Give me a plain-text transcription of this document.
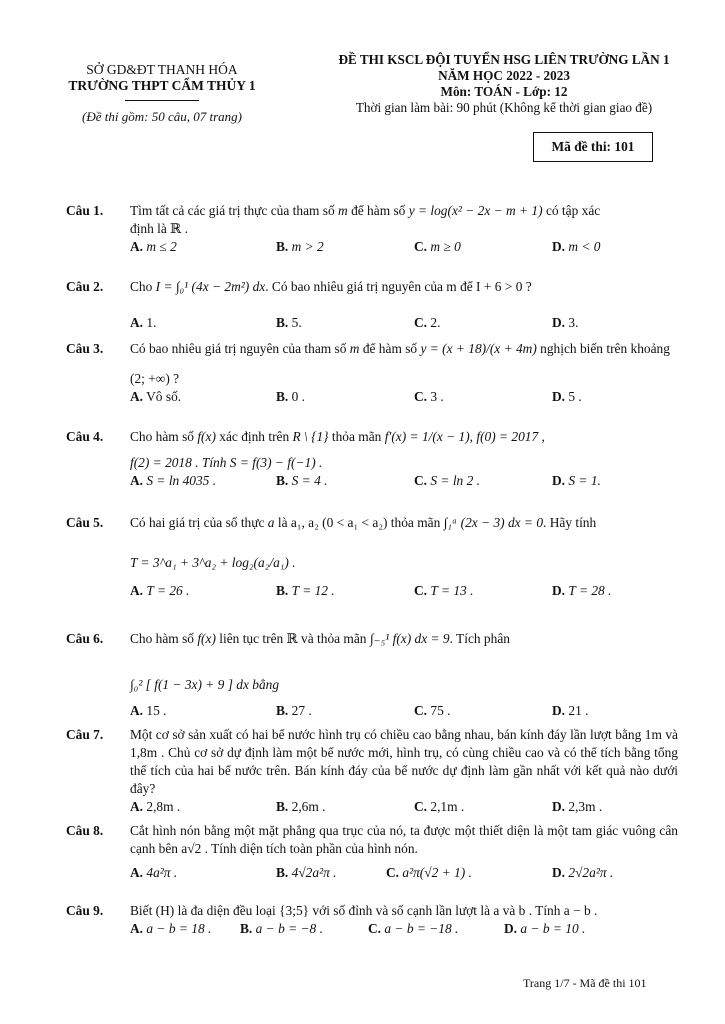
SỞ GD&ĐT THANH HÓA
TRƯỜNG THPT CẨM THỦY 1
(Đề thi gồm: 50 câu, 07 trang)
ĐỀ THI KSCL ĐỘI TUYỂN HSG LIÊN TRƯỜNG LẦN 1
NĂM HỌC 2022 - 2023
Môn: TOÁN - Lớp: 12
Thời gian làm bài: 90 phút (Không kể thời gian giao đề)
Mã đề thi: 101
Câu 1. Tìm tất cả các giá trị thực của tham số m để hàm số y = log(x² − 2x − m + 1) có tập xác
định là ℝ .
A. m ≤ 2	B. m > 2	C. m ≥ 0	D. m < 0
Câu 2. Cho I = ∫₀¹ (4x − 2m²) dx. Có bao nhiêu giá trị nguyên của m để I + 6 > 0 ?
A. 1.	B. 5.	C. 2.	D. 3.
Câu 3. Có bao nhiêu giá trị nguyên của tham số m để hàm số y = (x + 18)/(x + 4m) nghịch biến trên khoảng
(2; +∞) ?
A. Vô số.	B. 0 .	C. 3 .	D. 5 .
Câu 4. Cho hàm số f(x) xác định trên R \ {1} thỏa mãn f′(x) = 1/(x − 1), f(0) = 2017 ,
f(2) = 2018 . Tính S = f(3) − f(−1) .
A. S = ln 4035 .	B. S = 4 .	C. S = ln 2 .	D. S = 1.
Câu 5. Có hai giá trị của số thực a là a₁, a₂ (0 < a₁ < a₂) thỏa mãn ∫₁ᵃ (2x − 3) dx = 0. Hãy tính
T = 3^a₁ + 3^a₂ + log₂(a₂/a₁) .
A. T = 26 .	B. T = 12 .	C. T = 13 .	D. T = 28 .
Câu 6. Cho hàm số f(x) liên tục trên ℝ và thỏa mãn ∫₋₅¹ f(x) dx = 9. Tích phân
∫₀² [ f(1 − 3x) + 9 ] dx bằng
A. 15 .	B. 27 .	C. 75 .	D. 21 .
Câu 7. Một cơ sở sản xuất có hai bể nước hình trụ có chiều cao bằng nhau, bán kính đáy lần lượt bằng 1m và 1,8m . Chủ cơ sở dự định làm một bể nước mới, hình trụ, có cùng chiều cao và có thể tích bằng tổng thể tích của hai bể nước trên. Bán kính đáy của bể nước dự định làm gần nhất với kết quả nào dưới đây?
A. 2,8m .	B. 2,6m .	C. 2,1m .	D. 2,3m .
Câu 8. Cắt hình nón bằng một mặt phẳng qua trục của nó, ta được một thiết diện là một tam giác vuông cân cạnh bên a√2 . Tính diện tích toàn phần của hình nón.
A. 4a²π .	B. 4√2a²π .	C. a²π(√2 + 1) .	D. 2√2a²π .
Câu 9. Biết (H) là đa diện đều loại {3;5} với số đỉnh và số cạnh lần lượt là a và b . Tính a − b .
A. a − b = 18 . B. a − b = −8 .	C. a − b = −18 .	D. a − b = 10 .
Trang 1/7 - Mã đề thi 101
